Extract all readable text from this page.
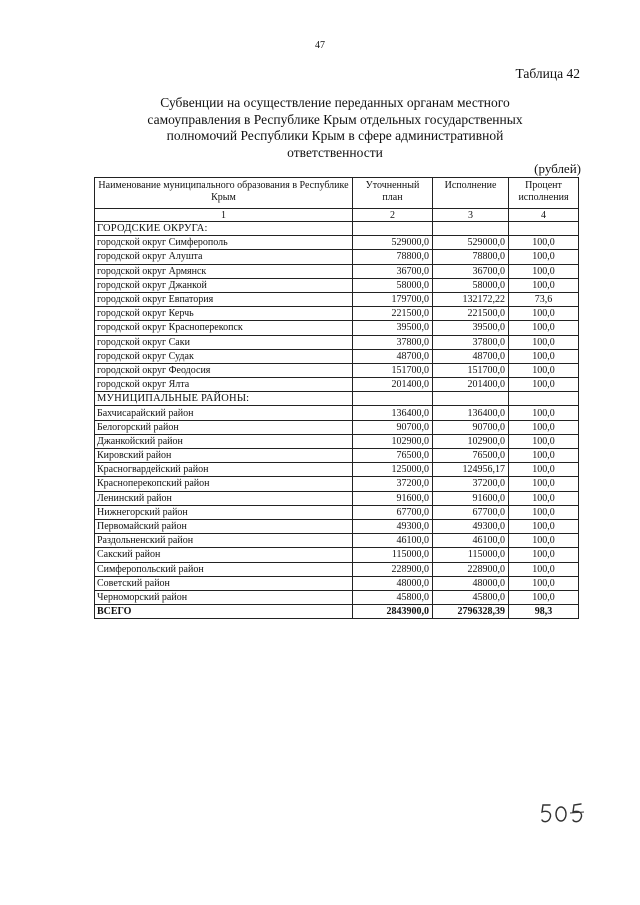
47
Таблица 42
Субвенции на осуществление переданных органам местного самоуправления в Республике Крым отдельных государственных полномочий Республики Крым в сфере административной ответственности
(рублей)
Наименование муниципального образования в Республике Крым	Уточненный план	Исполнение	Процент исполнения
1	2	3	4
ГОРОДСКИЕ ОКРУГА:			
городской округ Симферополь	529000,0	529000,0	100,0
городской округ Алушта	78800,0	78800,0	100,0
городской округ Армянск	36700,0	36700,0	100,0
городской округ Джанкой	58000,0	58000,0	100,0
городской округ Евпатория	179700,0	132172,22	73,6
городской округ Керчь	221500,0	221500,0	100,0
городской округ Красноперекопск	39500,0	39500,0	100,0
городской округ Саки	37800,0	37800,0	100,0
городской округ Судак	48700,0	48700,0	100,0
городской округ Феодосия	151700,0	151700,0	100,0
городской округ Ялта	201400,0	201400,0	100,0
МУНИЦИПАЛЬНЫЕ РАЙОНЫ:			
Бахчисарайский район	136400,0	136400,0	100,0
Белогорский район	90700,0	90700,0	100,0
Джанкойский район	102900,0	102900,0	100,0
Кировский район	76500,0	76500,0	100,0
Красногвардейский район	125000,0	124956,17	100,0
Красноперекопский район	37200,0	37200,0	100,0
Ленинский район	91600,0	91600,0	100,0
Нижнегорский район	67700,0	67700,0	100,0
Первомайский район	49300,0	49300,0	100,0
Раздольненский район	46100,0	46100,0	100,0
Сакский район	115000,0	115000,0	100,0
Симферопольский район	228900,0	228900,0	100,0
Советский район	48000,0	48000,0	100,0
Черноморский район	45800,0	45800,0	100,0
ВСЕГО	2843900,0	2796328,39	98,3
